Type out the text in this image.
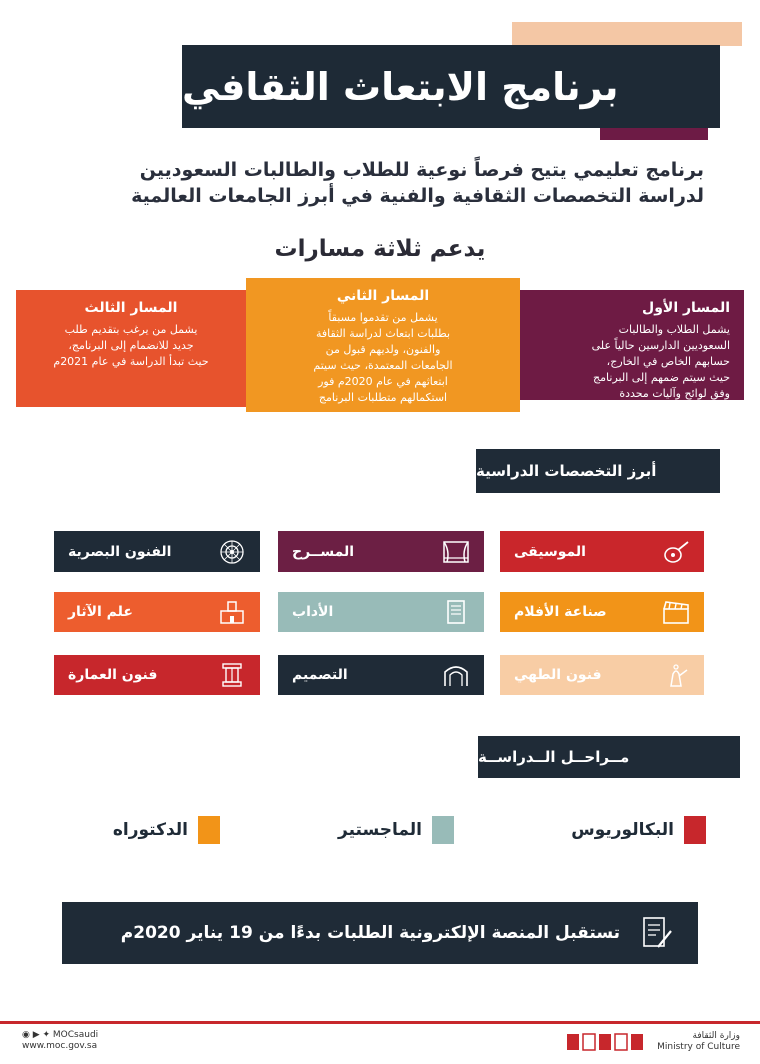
برنامج الابتعاث الثقافي
برنامج تعليمي يتيح فرصاً نوعية للطلاب والطالبات السعوديين
لدراسة التخصصات الثقافية والفنية في أبرز الجامعات العالمية
يدعم ثلاثة مسارات
المسار الأول
يشمل الطلاب والطالبات
السعوديين الدارسين حالياً على
حسابهم الخاص في الخارج،
حيث سيتم ضمهم إلى البرنامج
وفق لوائح وآليات محددة
المسار الثاني
يشمل من تقدموا مسبقاً
بطلبات ابتعاث لدراسة الثقافة
والفنون، ولديهم قبول من
الجامعات المعتمدة، حيث سيتم
ابتعاثهم في عام 2020م فور
استكمالهم متطلبات البرنامج
المسار الثالث
يشمل من يرغب بتقديم طلب
جديد للانضمام إلى البرنامج،
حيث تبدأ الدراسة في عام 2021م
أبرز التخصصات الدراسية
الموسيقى
المســرح
الفنون البصرية
صناعة الأفلام
الأداب
علم الآثار
فنون الطهي
التصميم
فنون العمارة
مــراحــل الــدراســة
البكالوريوس
الماجستير
الدكتوراه
تستقبل المنصة الإلكترونية الطلبات بدءًا من 19 يناير 2020م
وزارة الثقافة
Ministry of Culture
◉ ▶ ✦ MOCsaudi
www.moc.gov.sa
